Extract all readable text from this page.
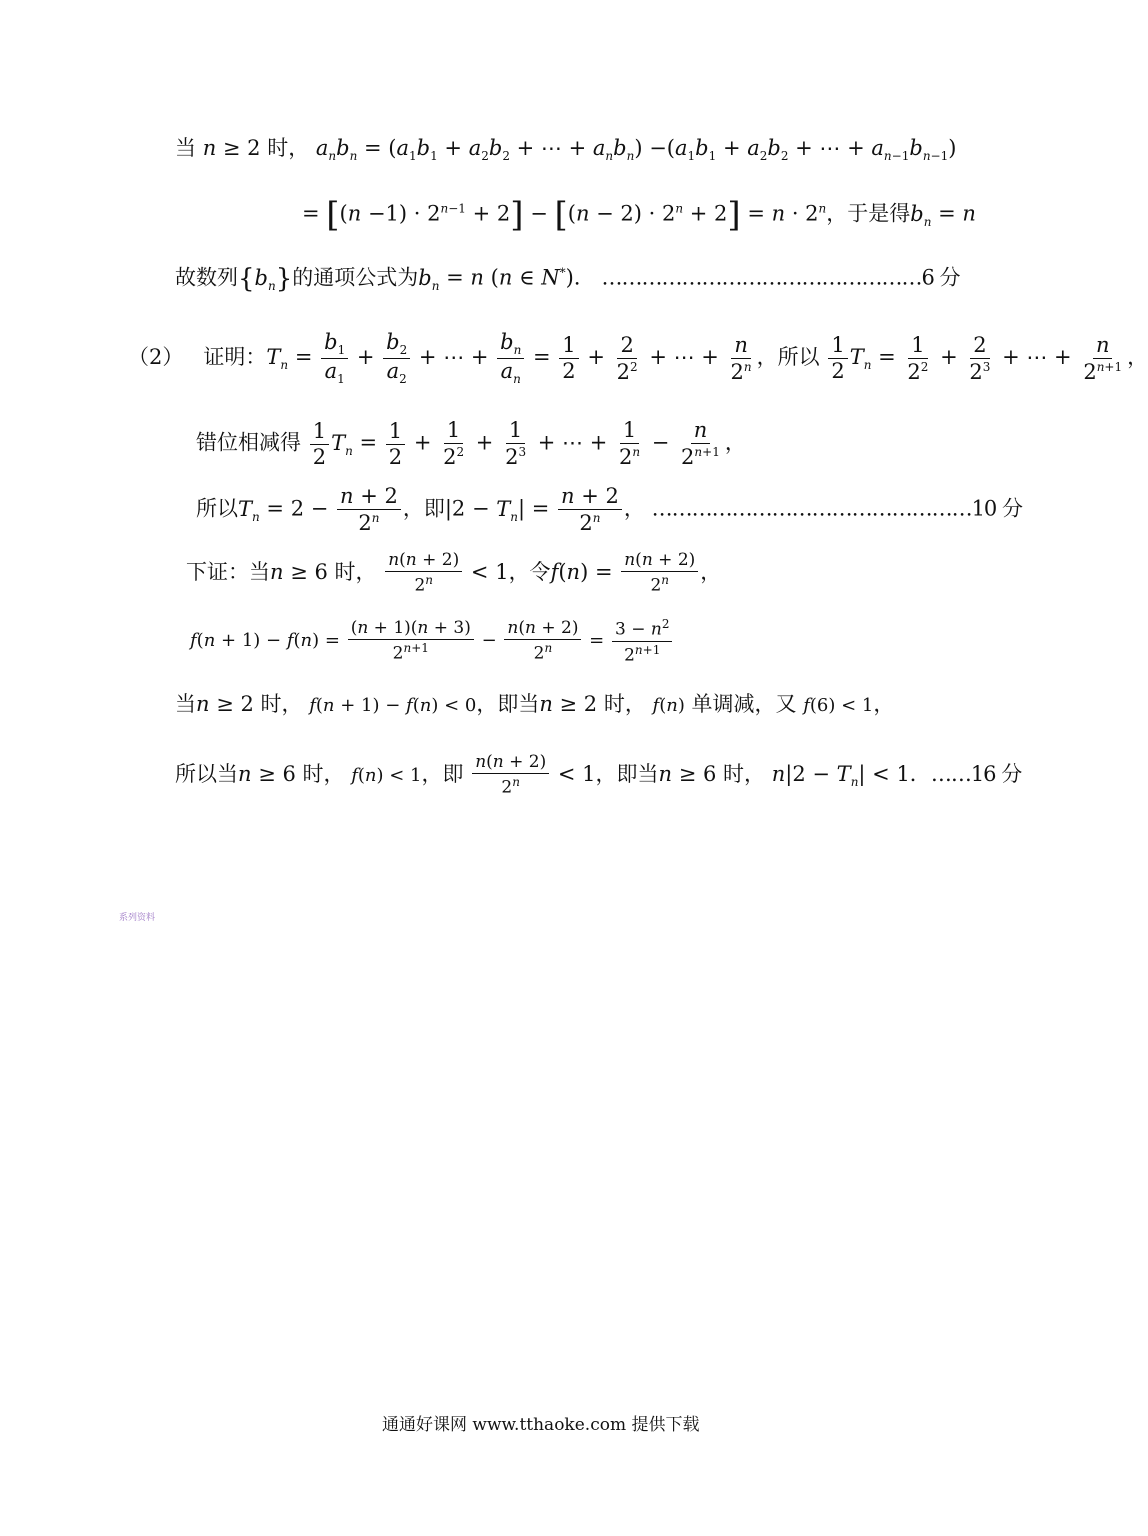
当 n ≥ 2 时， $a_nb_n = (a_1b_1 + a_2b_2$ + ⋯ + $a_nb_n) -(a_1b_1 + a_2b_2$ + ⋯ + $a_{n-1}b_{n-1}$)
= $[(n -1) \cdot 2^{n-1} + 2] - [(n - 2) \cdot 2^n + 2] = n \cdot 2^n$，于是得$b_n = n$
故数列$\{b_n\}$的通项公式为$b_n = n$ (n ∈ N*)． …………………………………………6 分
（2） 证明：$T_n = \frac{b_1}{a_1} + \frac{b_2}{a_2}$ + ⋯ + $\frac{b_n}{a_n} = \frac{1}{2} + \frac{2}{2^2}$ + ⋯ + $\frac{n}{2^n}$ ，所以 $\frac{1}{2} T_n = \frac{1}{2^2} + \frac{2}{2^3}$ + ⋯ + $\frac{n}{2^{n+1}}$ ，
错位相减得 $\frac{1}{2} T_n = \frac{1}{2} + \frac{1}{2^2} + \frac{1}{2^3}$ + ⋯ + $\frac{1}{2^n} - \frac{n}{2^{n+1}}$ ，
所以$T_n = 2 - \frac{n + 2}{2^n}$ ，即$|2 - T_n| = \frac{n + 2}{2^n}$ ， …………………………………………10 分
下证：当n ≥ 6 时， $\frac{n(n + 2)}{2^n} < 1$，令$f(n) = \frac{n(n + 2)}{2^n}$ ，
$f(n + 1) - f(n) = \frac{(n + 1)(n + 3)}{2^{n+1}} - \frac{n(n + 2)}{2^n} = \frac{3 - n^2}{2^{n+1}}$
当n ≥ 2 时， f(n + 1) − f(n) < 0，即当n ≥ 2 时， f(n) 单调减，又 f(6) < 1，
所以当n ≥ 6 时， f(n) < 1，即 $\frac{n(n + 2)}{2^n} < 1$，即当n ≥ 6 时， $n|2 - T_n| < 1$．……16 分
系列资料
通通好课网 www.tthaoke.com 提供下载
